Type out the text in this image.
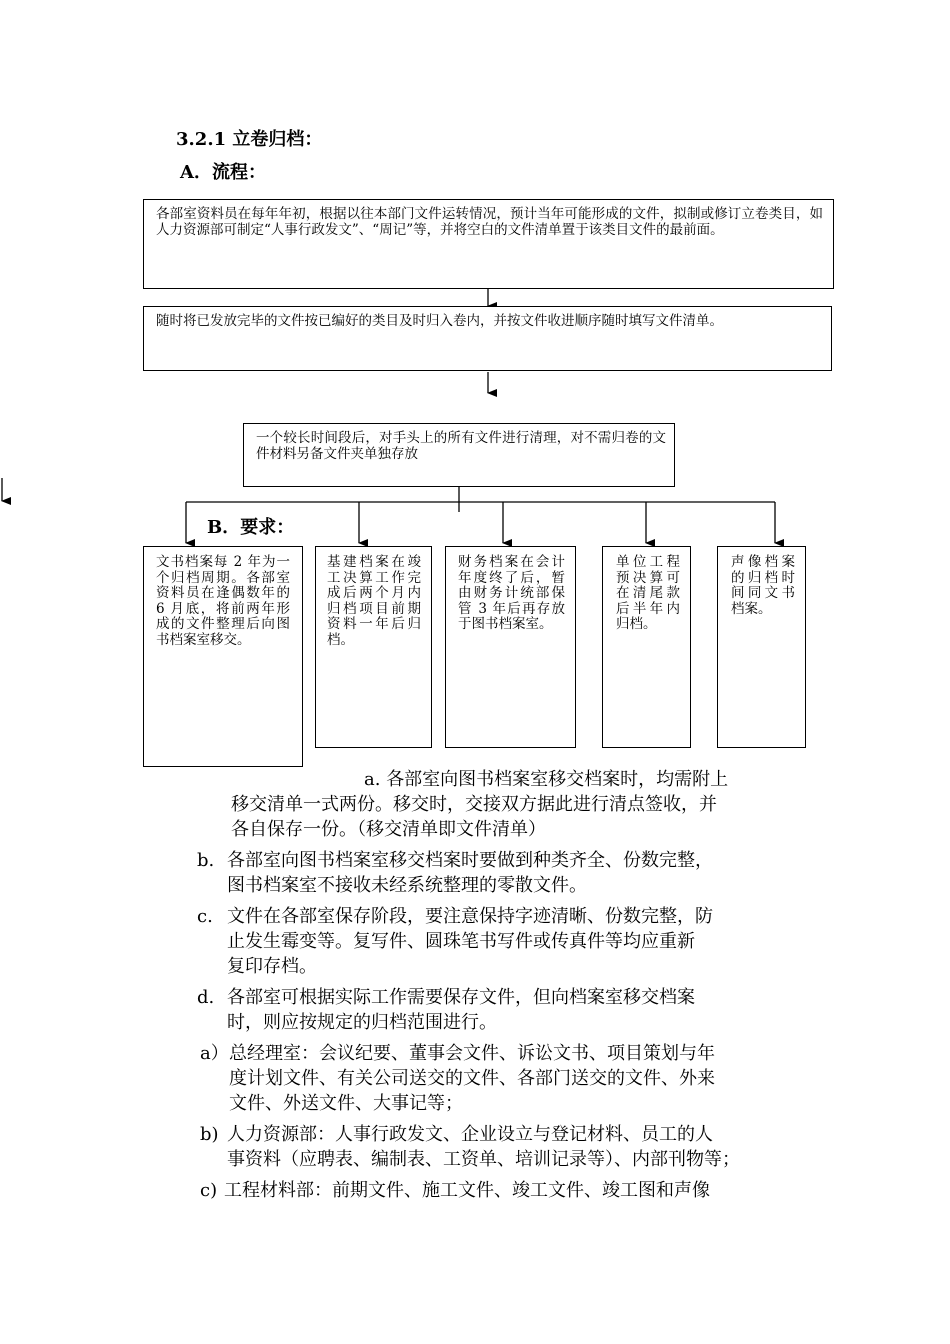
3.2.1 立卷归档：
A．流程：

各部室资料员在每年年初，根据以往本部门文件运转情况，预计当年可能形成的文件，拟制或修订立卷类目，如人力资源部可制定“人事行政发文”、“周记”等，并将空白的文件清单置于该类目文件的最前面。

随时将已发放完毕的文件按已编好的类目及时归入卷内，并按文件收进顺序随时填写文件清单。

一个较长时间段后，对手头上的所有文件进行清理，对不需归卷的文件材料另备文件夹单独存放

B．要求：

文书档案每 2 年为一个归档周期。各部室资料员在逢偶数年的 6 月底，将前两年形成的文件整理后向图书档案室移交。

基建档案在竣工决算工作完成后两个月内归档项目前期资料一年后归档。

财务档案在会计年度终了后，暂由财务计统部保管 3 年后再存放于图书档案室。

单位工程预决算可在清尾款后半年内归档。

声像档案的归档时间同文书档案。

a. 各部室向图书档案室移交档案时，均需附上
移交清单一式两份。移交时，交接双方据此进行清点签收，并
各自保存一份。（移交清单即文件清单）
b. 各部室向图书档案室移交档案时要做到种类齐全、份数完整，
图书档案室不接收未经系统整理的零散文件。
c. 文件在各部室保存阶段，要注意保持字迹清晰、份数完整，防
止发生霉变等。复写件、圆珠笔书写件或传真件等均应重新
复印存档。
d. 各部室可根据实际工作需要保存文件，但向档案室移交档案
时，则应按规定的归档范围进行。
a）总经理室：会议纪要、董事会文件、诉讼文书、项目策划与年
度计划文件、有关公司送交的文件、各部门送交的文件、外来
文件、外送文件、大事记等；
b) 人力资源部：人事行政发文、企业设立与登记材料、员工的人
事资料（应聘表、编制表、工资单、培训记录等）、内部刊物等；
c) 工程材料部：前期文件、施工文件、竣工文件、竣工图和声像
